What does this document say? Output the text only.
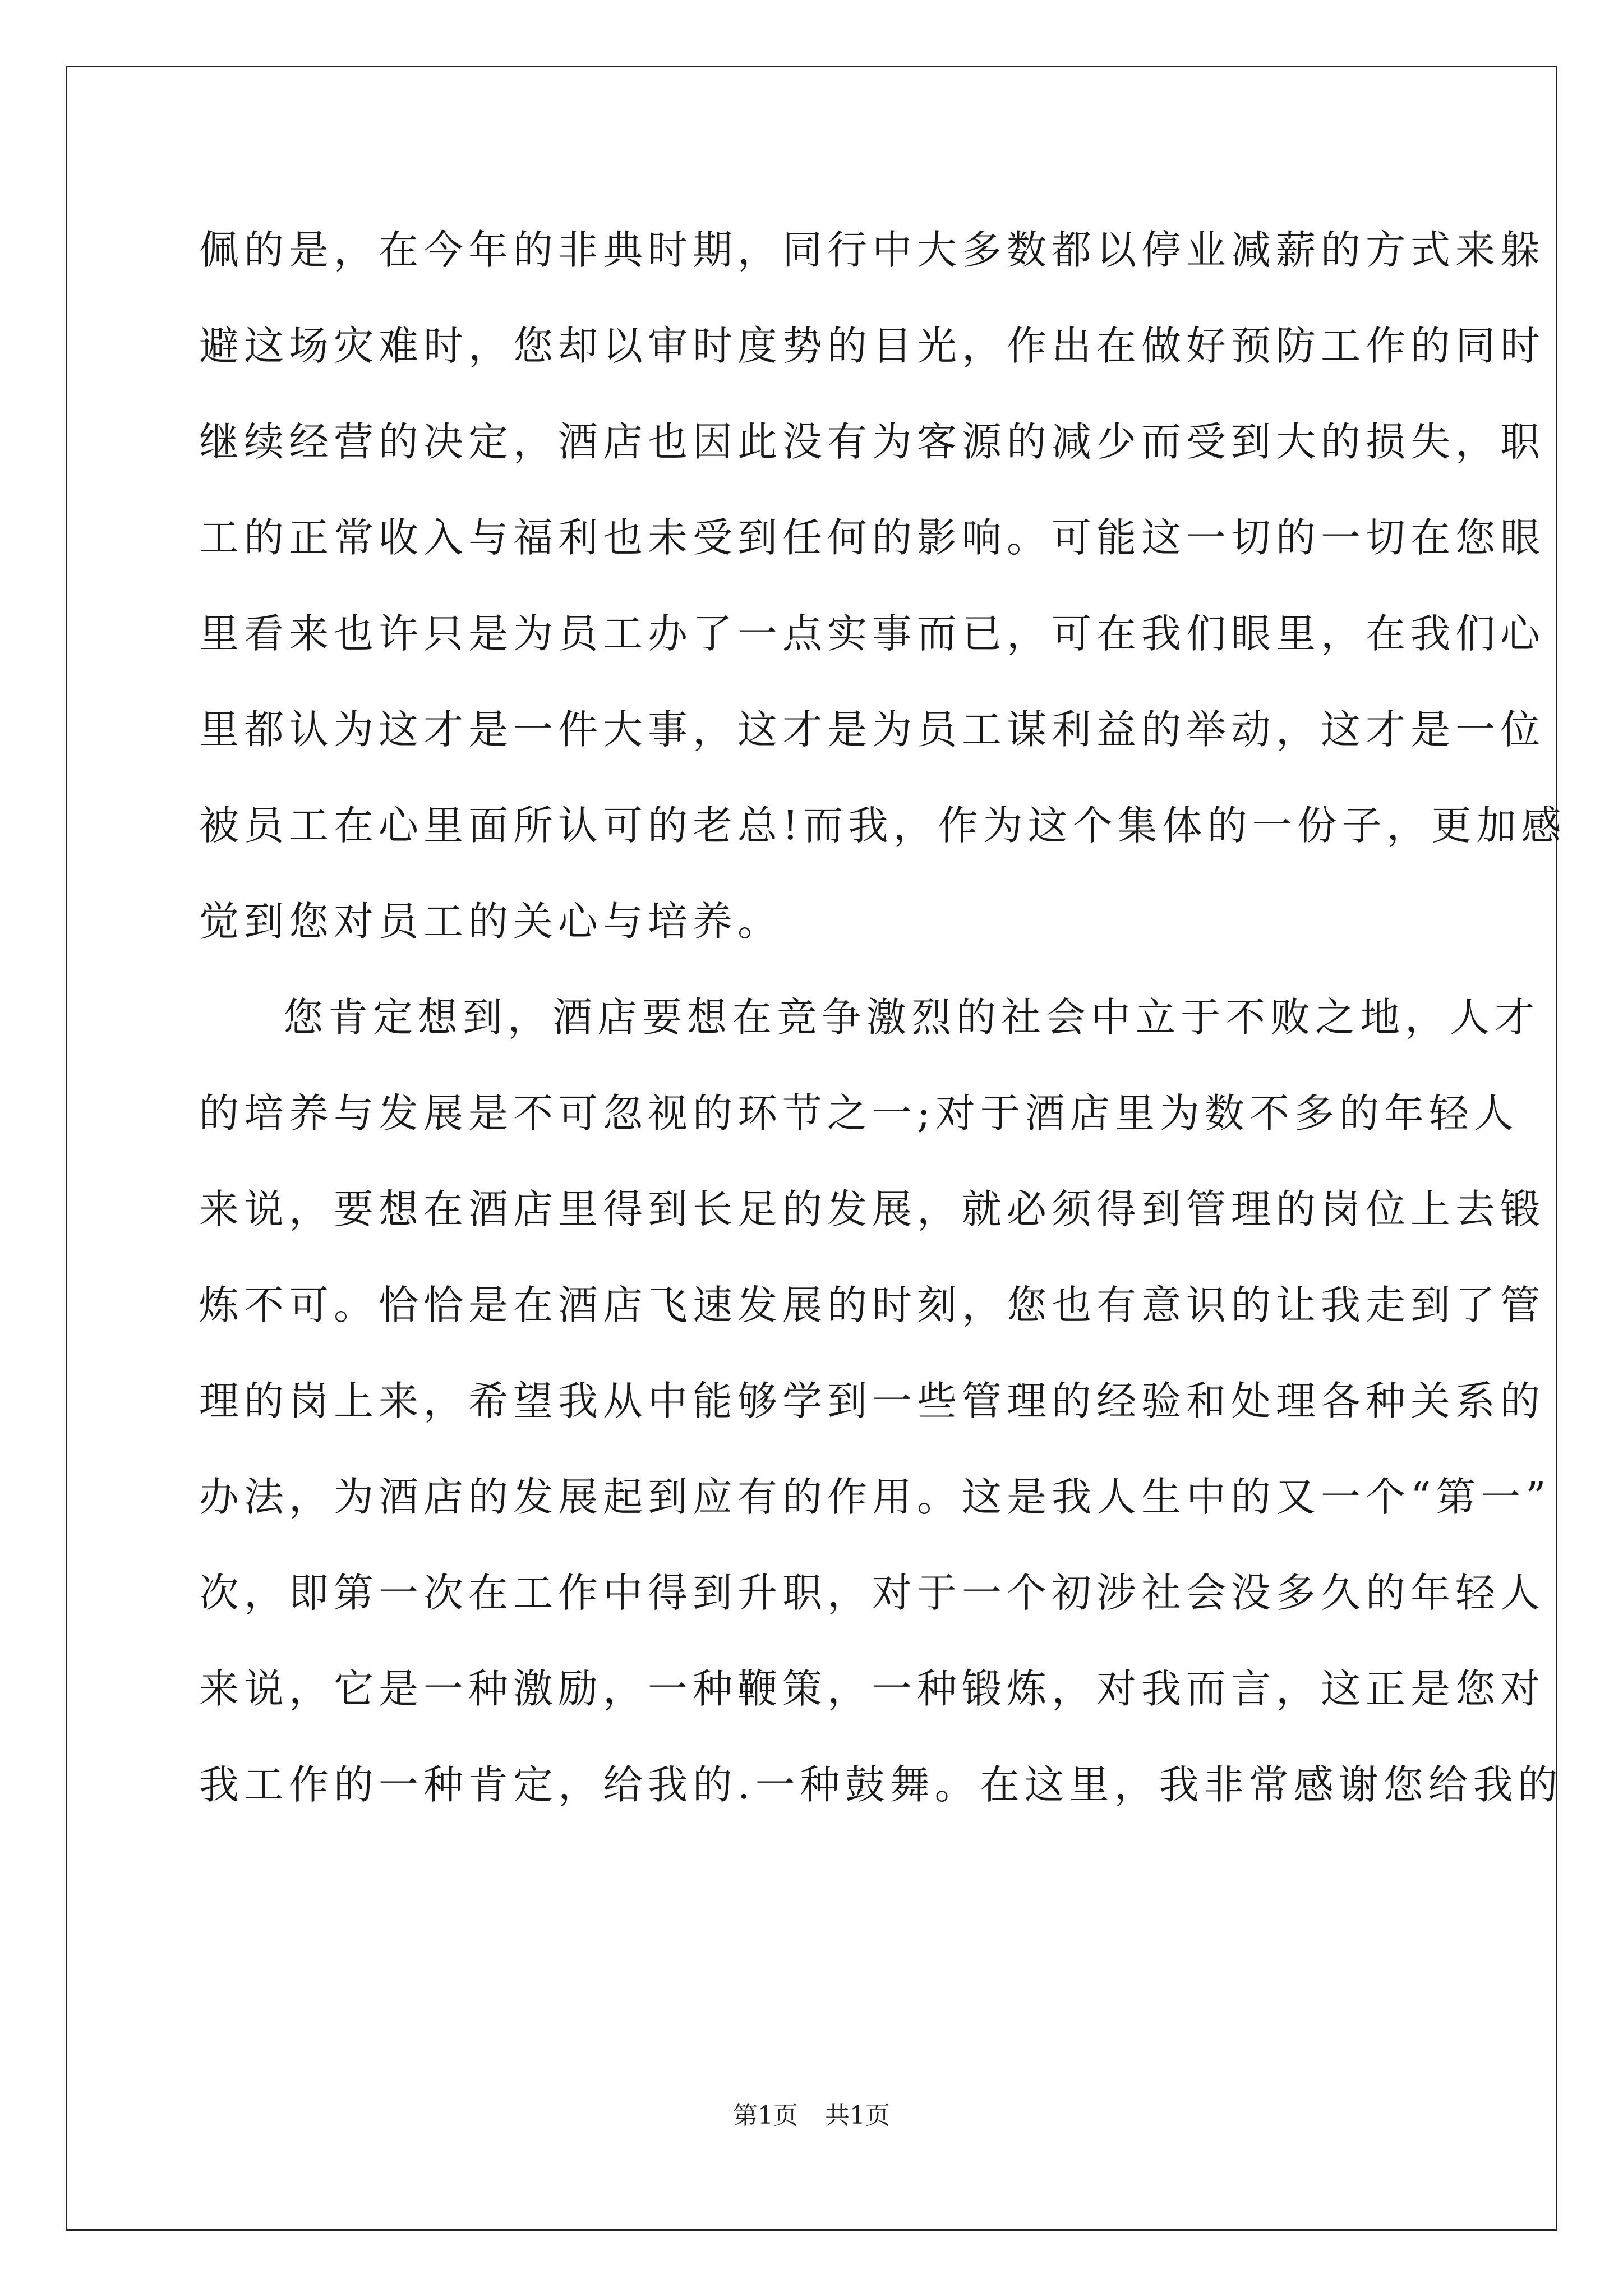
佩的是，在今年的非典时期，同行中大多数都以停业减薪的方式来躲
避这场灾难时，您却以审时度势的目光，作出在做好预防工作的同时
继续经营的决定，酒店也因此没有为客源的减少而受到大的损失，职
工的正常收入与福利也未受到任何的影响。可能这一切的一切在您眼
里看来也许只是为员工办了一点实事而已，可在我们眼里，在我们心
里都认为这才是一件大事，这才是为员工谋利益的举动，这才是一位
被员工在心里面所认可的老总!而我，作为这个集体的一份子，更加感
觉到您对员工的关心与培养。
您肯定想到，酒店要想在竞争激烈的社会中立于不败之地，人才
的培养与发展是不可忽视的环节之一;对于酒店里为数不多的年轻人
来说，要想在酒店里得到长足的发展，就必须得到管理的岗位上去锻
炼不可。恰恰是在酒店飞速发展的时刻，您也有意识的让我走到了管
理的岗上来，希望我从中能够学到一些管理的经验和处理各种关系的
办法，为酒店的发展起到应有的作用。这是我人生中的又一个“第一”
次，即第一次在工作中得到升职，对于一个初涉社会没多久的年轻人
来说，它是一种激励，一种鞭策，一种锻炼，对我而言，这正是您对
我工作的一种肯定，给我的.一种鼓舞。在这里，我非常感谢您给我的
第1页 共1页
